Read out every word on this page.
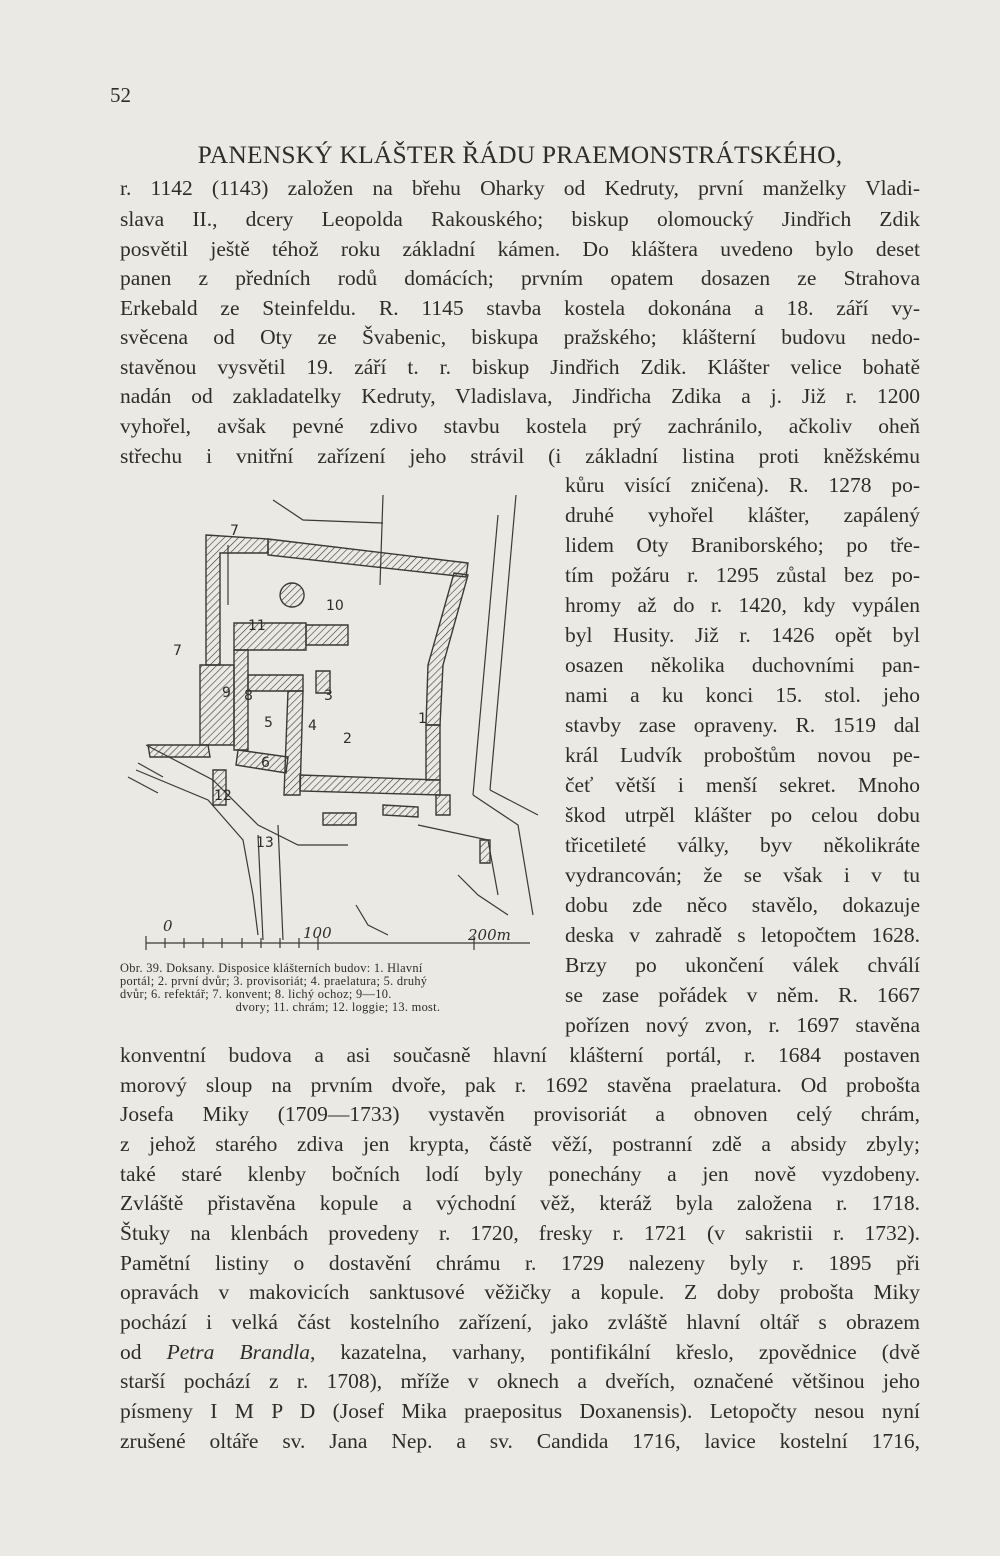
52
PANENSKÝ KLÁŠTER ŘÁDU PRAEMONSTRÁTSKÉHO,
r. 1142 (1143) založen na břehu Oharky od Kedruty, první manželky Vladi-
slava II., dcery Leopolda Rakouského; biskup olomoucký Jindřich Zdik
posvětil ještě téhož roku základní kámen. Do kláštera uvedeno bylo deset
panen z předních rodů domácích; prvním opatem dosazen ze Strahova
Erkebald ze Steinfeldu. R. 1145 stavba kostela dokonána a 18. září vy-
svěcena od Oty ze Švabenic, biskupa pražského; klášterní budovu nedo-
stavěnou vysvětil 19. září t. r. biskup Jindřich Zdik. Klášter velice bohatě
nadán od zakladatelky Kedruty, Vladislava, Jindřicha Zdika a j. Již r. 1200
vyhořel, avšak pevné zdivo stavbu kostela prý zachránilo, ačkoliv oheň
střechu i vnitřní zařízení jeho strávil (i základní listina proti kněžskému
kůru visící zničena). R. 1278 po-
druhé vyhořel klášter, zapálený
lidem Oty Braniborského; po tře-
tím požáru r. 1295 zůstal bez po-
hromy až do r. 1420, kdy vypálen
byl Husity. Již r. 1426 opět byl
osazen několika duchovními pan-
nami a ku konci 15. stol. jeho
stavby zase opraveny. R. 1519 dal
král Ludvík proboštům novou pe-
čeť větší i menší sekret. Mnoho
škod utrpěl klášter po celou dobu
třicetileté války, byv několikráte
vydrancován; že se však i v tu
dobu zde něco stavělo, dokazuje
deska v zahradě s letopočtem 1628.
Brzy po ukončení válek chválí
se zase pořádek v něm. R. 1667
pořízen nový zvon, r. 1697 stavěna
1
2
3
4
5
6
7
7
8
9
10
11
12
13
0	100	200m
Obr. 39. Doksany. Disposice klášterních budov: 1. Hlavní
portál; 2. první dvůr; 3. provisoriát; 4. praelatura; 5. druhý
dvůr; 6. refektář; 7. konvent; 8. lichý ochoz; 9—10.
dvory; 11. chrám; 12. loggie; 13. most.
konventní budova a asi současně hlavní klášterní portál, r. 1684 postaven
morový sloup na prvním dvoře, pak r. 1692 stavěna praelatura. Od probošta
Josefa Miky (1709—1733) vystavěn provisoriát a obnoven celý chrám,
z jehož starého zdiva jen krypta, částě věží, postranní zdě a absidy zbyly;
také staré klenby bočních lodí byly ponechány a jen nově vyzdobeny.
Zvláště přistavěna kopule a východní věž, kteráž byla založena r. 1718.
Štuky na klenbách provedeny r. 1720, fresky r. 1721 (v sakristii r. 1732).
Pamětní listiny o dostavění chrámu r. 1729 nalezeny byly r. 1895 při
opravách v makovicích sanktusové věžičky a kopule. Z doby probošta Miky
pochází i velká část kostelního zařízení, jako zvláště hlavní oltář s obrazem
od Petra Brandla, kazatelna, varhany, pontifikální křeslo, zpovědnice (dvě
starší pochází z r. 1708), mříže v oknech a dveřích, označené většinou jeho
písmeny I M P D (Josef Mika praepositus Doxanensis). Letopočty nesou nyní
zrušené oltáře sv. Jana Nep. a sv. Candida 1716, lavice kostelní 1716,
